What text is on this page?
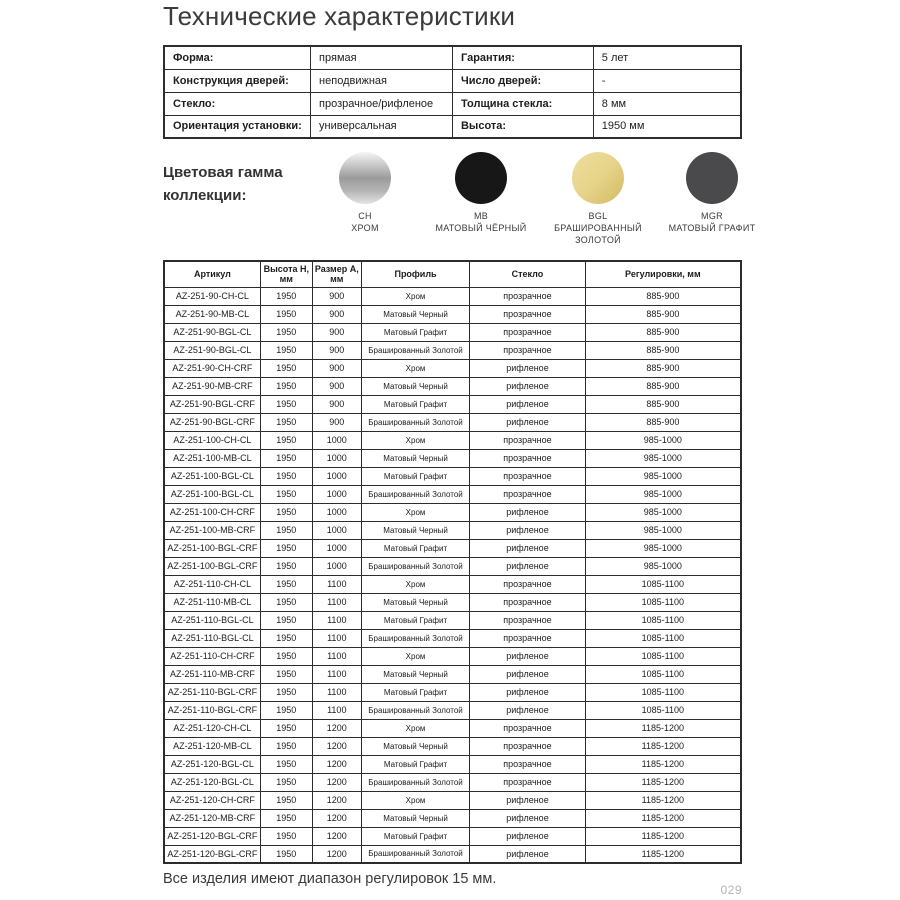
Технические характеристики
Форма:	прямая	Гарантия:	5 лет
Конструкция дверей:	неподвижная	Число дверей:	-
Стекло:	прозрачное/рифленое	Толщина стекла:	8 мм
Ориентация установки:	универсальная	Высота:	1950 мм
Цветовая гамма коллекции:
CH
ХРОМ
MB
МАТОВЫЙ ЧЁРНЫЙ
BGL
БРАШИРОВАННЫЙ ЗОЛОТОЙ
MGR
МАТОВЫЙ ГРАФИТ
Артикул	Высота H, мм	Размер A, мм	Профиль	Стекло	Регулировки, мм
AZ-251-90-CH-CL	1950	900	Хром	прозрачное	885-900
AZ-251-90-MB-CL	1950	900	Матовый Черный	прозрачное	885-900
AZ-251-90-BGL-CL	1950	900	Матовый Графит	прозрачное	885-900
AZ-251-90-BGL-CL	1950	900	Брашированный Золотой	прозрачное	885-900
AZ-251-90-CH-CRF	1950	900	Хром	рифленое	885-900
AZ-251-90-MB-CRF	1950	900	Матовый Черный	рифленое	885-900
AZ-251-90-BGL-CRF	1950	900	Матовый Графит	рифленое	885-900
AZ-251-90-BGL-CRF	1950	900	Брашированный Золотой	рифленое	885-900
AZ-251-100-CH-CL	1950	1000	Хром	прозрачное	985-1000
AZ-251-100-MB-CL	1950	1000	Матовый Черный	прозрачное	985-1000
AZ-251-100-BGL-CL	1950	1000	Матовый Графит	прозрачное	985-1000
AZ-251-100-BGL-CL	1950	1000	Брашированный Золотой	прозрачное	985-1000
AZ-251-100-CH-CRF	1950	1000	Хром	рифленое	985-1000
AZ-251-100-MB-CRF	1950	1000	Матовый Черный	рифленое	985-1000
AZ-251-100-BGL-CRF	1950	1000	Матовый Графит	рифленое	985-1000
AZ-251-100-BGL-CRF	1950	1000	Брашированный Золотой	рифленое	985-1000
AZ-251-110-CH-CL	1950	1100	Хром	прозрачное	1085-1100
AZ-251-110-MB-CL	1950	1100	Матовый Черный	прозрачное	1085-1100
AZ-251-110-BGL-CL	1950	1100	Матовый Графит	прозрачное	1085-1100
AZ-251-110-BGL-CL	1950	1100	Брашированный Золотой	прозрачное	1085-1100
AZ-251-110-CH-CRF	1950	1100	Хром	рифленое	1085-1100
AZ-251-110-MB-CRF	1950	1100	Матовый Черный	рифленое	1085-1100
AZ-251-110-BGL-CRF	1950	1100	Матовый Графит	рифленое	1085-1100
AZ-251-110-BGL-CRF	1950	1100	Брашированный Золотой	рифленое	1085-1100
AZ-251-120-CH-CL	1950	1200	Хром	прозрачное	1185-1200
AZ-251-120-MB-CL	1950	1200	Матовый Черный	прозрачное	1185-1200
AZ-251-120-BGL-CL	1950	1200	Матовый Графит	прозрачное	1185-1200
AZ-251-120-BGL-CL	1950	1200	Брашированный Золотой	прозрачное	1185-1200
AZ-251-120-CH-CRF	1950	1200	Хром	рифленое	1185-1200
AZ-251-120-MB-CRF	1950	1200	Матовый Черный	рифленое	1185-1200
AZ-251-120-BGL-CRF	1950	1200	Матовый Графит	рифленое	1185-1200
AZ-251-120-BGL-CRF	1950	1200	Брашированный Золотой	рифленое	1185-1200
Все изделия имеют диапазон регулировок 15 мм.
029
